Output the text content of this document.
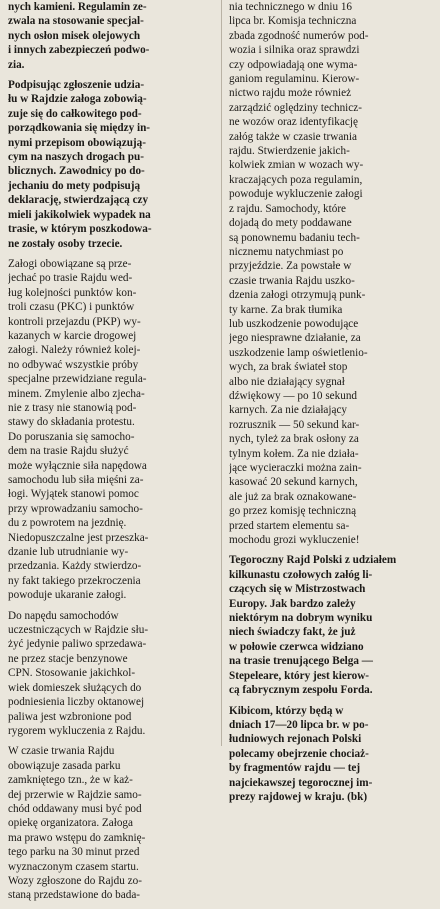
nych kamieni. Regulamin ze-
zwala na stosowanie specjal-
nych osłon misek olejowych
i innych zabezpieczeń podwo-
zia.
Podpisując zgłoszenie udzia-
łu w Rajdzie załoga zobowią-
zuje się do całkowitego pod-
porządkowania się między in-
nymi przepisom obowiązują-
cym na naszych drogach pu-
blicznych. Zawodnicy po do-
jechaniu do mety podpisują
deklarację, stwierdzającą czy
mieli jakikolwiek wypadek na
trasie, w którym poszkodowa-
ne zostały osoby trzecie.
Załogi obowiązane są prze-
jechać po trasie Rajdu wed-
ług kolejności punktów kon-
troli czasu (PKC) i punktów
kontroli przejazdu (PKP) wy-
kazanych w karcie drogowej
załogi. Należy również kolej-
no odbywać wszystkie próby
specjalne przewidziane regula-
minem. Zmylenie albo zjecha-
nie z trasy nie stanowią pod-
stawy do składania protestu.
Do poruszania się samocho-
dem na trasie Rajdu służyć
może wyłącznie siła napędowa
samochodu lub siła mięśni za-
łogi. Wyjątek stanowi pomoc
przy wprowadzaniu samocho-
du z powrotem na jezdnię.
Niedopuszczalne jest przeszka-
dzanie lub utrudnianie wy-
przedzania. Każdy stwierdzo-
ny fakt takiego przekroczenia
powoduje ukaranie załogi.
Do napędu samochodów
uczestniczących w Rajdzie słu-
żyć jedynie paliwo sprzedawa-
ne przez stacje benzynowe
CPN. Stosowanie jakichkol-
wiek domieszek służących do
podniesienia liczby oktanowej
paliwa jest wzbronione pod
rygorem wykluczenia z Rajdu.
W czasie trwania Rajdu
obowiązuje zasada parku
zamkniętego tzn., że w każ-
dej przerwie w Rajdzie samo-
chód oddawany musi być pod
opiekę organizatora. Załoga
ma prawo wstępu do zamknię-
tego parku na 30 minut przed
wyznaczonym czasem startu.
Wozy zgłoszone do Rajdu zo-
staną przedstawione do bada-
nia technicznego w dniu 16
lipca br. Komisja techniczna
zbada zgodność numerów pod-
wozia i silnika oraz sprawdzi
czy odpowiadają one wyma-
ganiom regulaminu. Kierow-
nictwo rajdu może również
zarządzić oględziny technicz-
ne wozów oraz identyfikację
załóg także w czasie trwania
rajdu. Stwierdzenie jakich-
kolwiek zmian w wozach wy-
kraczających poza regulamin,
powoduje wykluczenie załogi
z rajdu. Samochody, które
dojadą do mety poddawane
są ponownemu badaniu tech-
nicznemu natychmiast po
przyjeździe. Za powstałe w
czasie trwania Rajdu uszko-
dzenia załogi otrzymują punk-
ty karne. Za brak tłumika
lub uszkodzenie powodujące
jego niesprawne działanie, za
uszkodzenie lamp oświetlenio-
wych, za brak świateł stop
albo nie działający sygnał
dźwiękowy — po 10 sekund
karnych. Za nie działający
rozrusznik — 50 sekund kar-
nych, tyleż za brak osłony za
tylnym kołem. Za nie działa-
jące wycieraczki można zain-
kasować 20 sekund karnych,
ale już za brak oznakowane-
go przez komisję techniczną
przed startem elementu sa-
mochodu grozi wykluczenie!
Tegoroczny Rajd Polski z udziałem
kilkunastu czołowych załóg li-
czących się w Mistrzostwach
Europy. Jak bardzo zależy
niektórym na dobrym wyniku
niech świadczy fakt, że już
w połowie czerwca widziano
na trasie trenującego Belga —
Stepeleare, który jest kierow-
cą fabrycznym zespołu Forda.
Kibicom, którzy będą w
dniach 17—20 lipca br. w po-
łudniowych rejonach Polski
polecamy obejrzenie chociaż-
by fragmentów rajdu — tej
najciekawszej tegorocznej im-
prezy rajdowej w kraju. (bk)
